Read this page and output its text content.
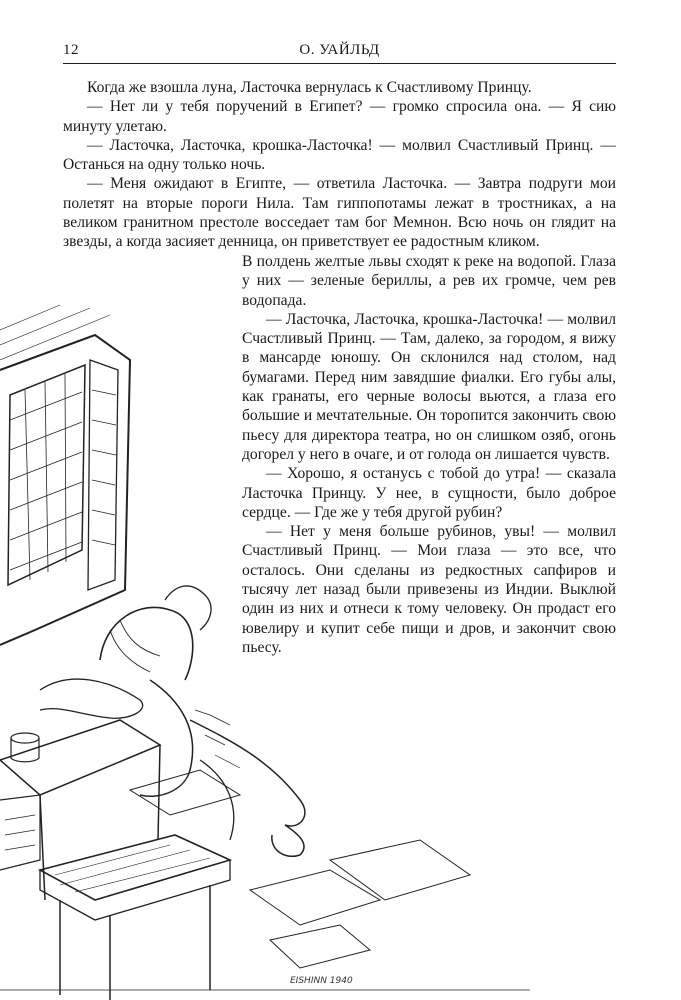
12	О. УАЙЛЬД

Когда же взошла луна, Ласточка вернулась к Счастливому Принцу.

— Нет ли у тебя поручений в Египет? — громко спросила она. — Я сию минуту улетаю.

— Ласточка, Ласточка, крошка-Ласточка! — молвил Счастливый Принц. — Останься на одну только ночь.

— Меня ожидают в Египте, — ответила Ласточка. — Завтра подруги мои полетят на вторые пороги Нила. Там гиппопотамы лежат в тростниках, а на великом гранитном престоле восседает там бог Мемнон. Всю ночь он глядит на звезды, а когда засияет денница, он приветствует ее радостным кликом.

В полдень желтые львы сходят к реке на водопой. Глаза у них — зеленые бериллы, а рев их громче, чем рев водопада.

— Ласточка, Ласточка, крошка-Ласточка! — молвил Счастливый Принц. — Там, далеко, за городом, я вижу в мансарде юношу. Он склонился над столом, над бумагами. Перед ним завядшие фиалки. Его губы алы, как гранаты, его черные волосы вьются, а глаза его большие и мечтательные. Он торопится закончить свою пьесу для директора театра, но он слишком озяб, огонь догорел у него в очаге, и от голода он лишается чувств.

— Хорошо, я останусь с тобой до утра! — сказала Ласточка Принцу. У нее, в сущности, было доброе сердце. — Где же у тебя другой рубин?

— Нет у меня больше рубинов, увы! — молвил Счастливый Принц. — Мои глаза — это все, что осталось. Они сделаны из редкостных сапфиров и тысячу лет назад были привезены из Индии. Выклюй один из них и отнеси к тому человеку. Он продаст его ювелиру и купит себе пищи и дров, и закончит свою пьесу.

EISHINN 1940
